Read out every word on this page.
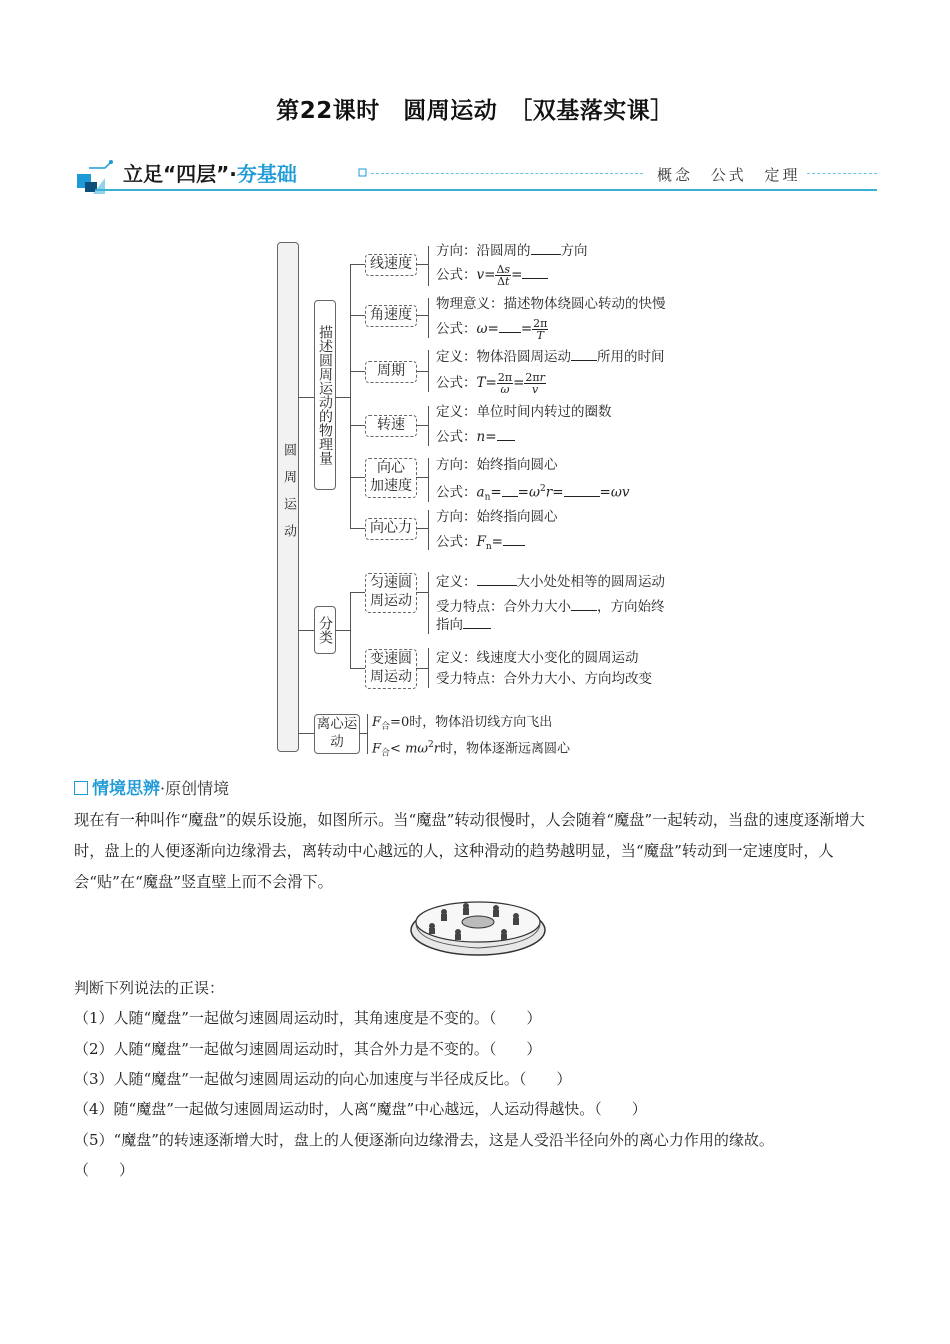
第22课时　圆周运动　［双基落实课］
立足“四层”·夯基础	概念 公式 定理
圆周运动
描述圆周运动的物理量
线速度
角速度
周期
转速
向心
加速度
向心力
方向：沿圆周的 方向
公式：$v= \frac{\Delta s}{\Delta t}$ =
物理意义：描述物体绕圆心转动的快慢
公式：$\omega= = \frac{2\pi}{T}$
定义：物体沿圆周运动 所用的时间
公式：$T= \frac{2\pi}{\omega} = \frac{2\pi r}{v}$
定义：单位时间内转过的圈数
公式：n=
方向：始终指向圆心
公式：$a_n= =\omega^2r=$	=ωv
方向：始终指向圆心
公式：$F_n=$
分类
匀速圆
周运动
变速圆
周运动
定义：	大小处处相等的圆周运动
受力特点：合外力大小 ，方向始终
指向
定义：线速度大小变化的圆周运动
受力特点：合外力大小、方向均改变
离心运动
$F_合=0$时，物体沿切线方向飞出
$F_合< m\omega^2r$时，物体逐渐远离圆心
情境思辨·原创情境
现在有一种叫作“魔盘”的娱乐设施，如图所示。当“魔盘”转动很慢时，人会随着“魔盘”一起转动，当盘的速度逐渐增大时，盘上的人便逐渐向边缘滑去，离转动中心越远的人，这种滑动的趋势越明显，当“魔盘”转动到一定速度时，人会“贴”在“魔盘”竖直壁上而不会滑下。
判断下列说法的正误：
（1）人随“魔盘”一起做匀速圆周运动时，其角速度是不变的。（　　）
（2）人随“魔盘”一起做匀速圆周运动时，其合外力是不变的。（　　）
（3）人随“魔盘”一起做匀速圆周运动的向心加速度与半径成反比。（　　）
（4）随“魔盘”一起做匀速圆周运动时，人离“魔盘”中心越远，人运动得越快。（　　）
（5）“魔盘”的转速逐渐增大时，盘上的人便逐渐向边缘滑去，这是人受沿半径向外的离心力作用的缘故。
（　　）
